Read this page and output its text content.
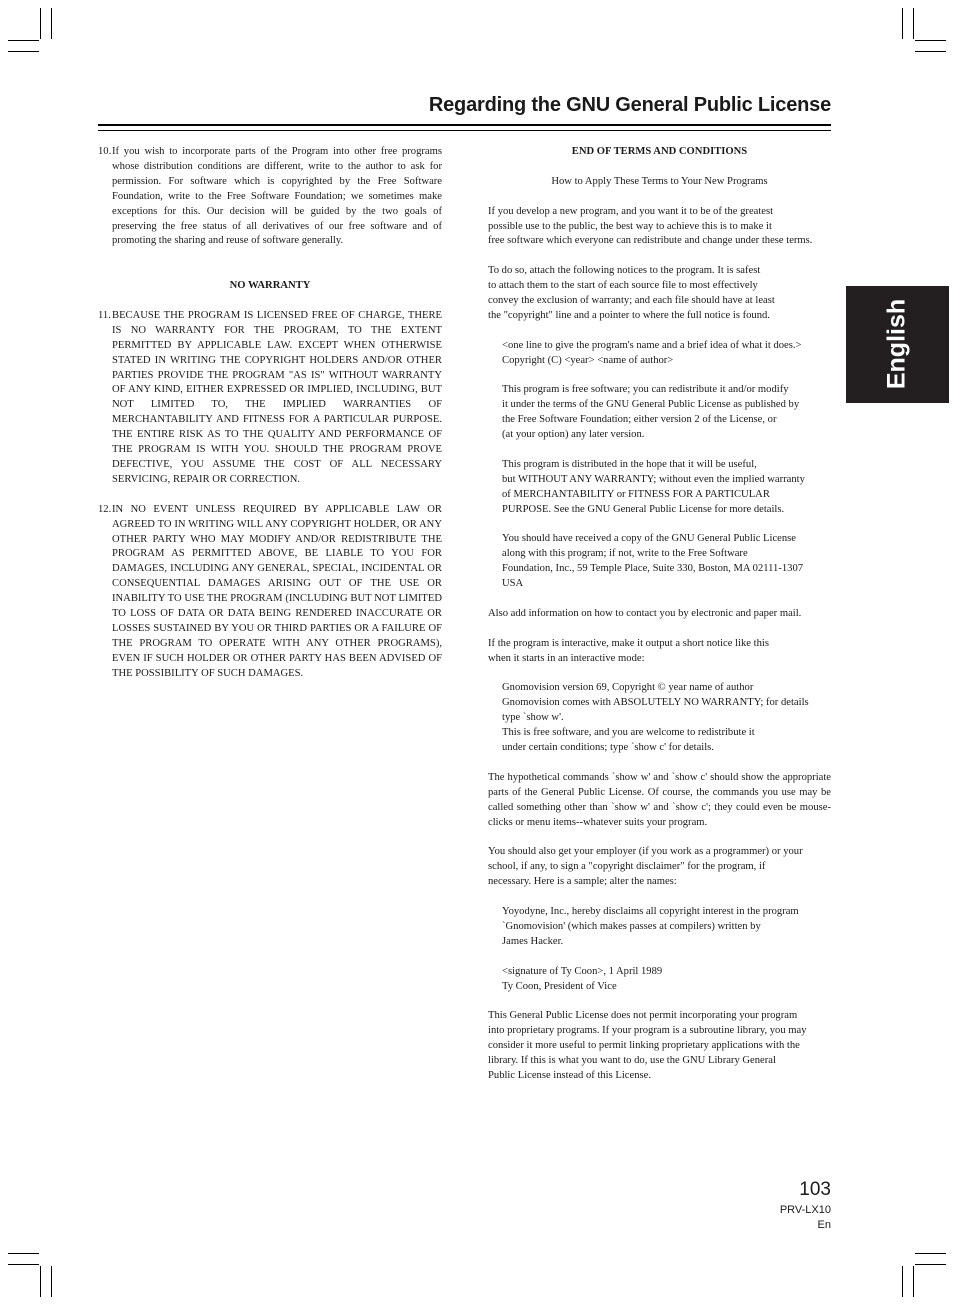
Regarding the GNU General Public License
English
10. If you wish to incorporate parts of the Program into other free programs whose distribution conditions are different, write to the author to ask for permission. For software which is copyrighted by the Free Software Foundation, write to the Free Software Foundation; we sometimes make exceptions for this. Our decision will be guided by the two goals of preserving the free status of all derivatives of our free software and of promoting the sharing and reuse of software generally.

NO WARRANTY

11. BECAUSE THE PROGRAM IS LICENSED FREE OF CHARGE, THERE IS NO WARRANTY FOR THE PROGRAM, TO THE EXTENT PERMITTED BY APPLICABLE LAW. EXCEPT WHEN OTHERWISE STATED IN WRITING THE COPYRIGHT HOLDERS AND/OR OTHER PARTIES PROVIDE THE PROGRAM "AS IS" WITHOUT WARRANTY OF ANY KIND, EITHER EXPRESSED OR IMPLIED, INCLUDING, BUT NOT LIMITED TO, THE IMPLIED WARRANTIES OF MERCHANTABILITY AND FITNESS FOR A PARTICULAR PURPOSE. THE ENTIRE RISK AS TO THE QUALITY AND PERFORMANCE OF THE PROGRAM IS WITH YOU. SHOULD THE PROGRAM PROVE DEFECTIVE, YOU ASSUME THE COST OF ALL NECESSARY SERVICING, REPAIR OR CORRECTION.
12. IN NO EVENT UNLESS REQUIRED BY APPLICABLE LAW OR AGREED TO IN WRITING WILL ANY COPYRIGHT HOLDER, OR ANY OTHER PARTY WHO MAY MODIFY AND/OR REDISTRIBUTE THE PROGRAM AS PERMITTED ABOVE, BE LIABLE TO YOU FOR DAMAGES, INCLUDING ANY GENERAL, SPECIAL, INCIDENTAL OR CONSEQUENTIAL DAMAGES ARISING OUT OF THE USE OR INABILITY TO USE THE PROGRAM (INCLUDING BUT NOT LIMITED TO LOSS OF DATA OR DATA BEING RENDERED INACCURATE OR LOSSES SUSTAINED BY YOU OR THIRD PARTIES OR A FAILURE OF THE PROGRAM TO OPERATE WITH ANY OTHER PROGRAMS), EVEN IF SUCH HOLDER OR OTHER PARTY HAS BEEN ADVISED OF THE POSSIBILITY OF SUCH DAMAGES.

END OF TERMS AND CONDITIONS

How to Apply These Terms to Your New Programs

If you develop a new program, and you want it to be of the greatest
possible use to the public, the best way to achieve this is to make it
free software which everyone can redistribute and change under these terms.

To do so, attach the following notices to the program. It is safest
to attach them to the start of each source file to most effectively
convey the exclusion of warranty; and each file should have at least
the "copyright" line and a pointer to where the full notice is found.

<one line to give the program's name and a brief idea of what it does.>
Copyright (C) <year> <name of author>

This program is free software; you can redistribute it and/or modify
it under the terms of the GNU General Public License as published by
the Free Software Foundation; either version 2 of the License, or
(at your option) any later version.

This program is distributed in the hope that it will be useful,
but WITHOUT ANY WARRANTY; without even the implied warranty
of MERCHANTABILITY or FITNESS FOR A PARTICULAR
PURPOSE. See the GNU General Public License for more details.

You should have received a copy of the GNU General Public License
along with this program; if not, write to the Free Software
Foundation, Inc., 59 Temple Place, Suite 330, Boston, MA 02111-1307
USA

Also add information on how to contact you by electronic and paper mail.

If the program is interactive, make it output a short notice like this
when it starts in an interactive mode:

Gnomovision version 69, Copyright © year name of author
Gnomovision comes with ABSOLUTELY NO WARRANTY; for details
type `show w'.
This is free software, and you are welcome to redistribute it
under certain conditions; type `show c' for details.

The hypothetical commands `show w' and `show c' should show the appropriate parts of the General Public License. Of course, the commands you use may be called something other than `show w' and `show c'; they could even be mouse-clicks or menu items--whatever suits your program.

You should also get your employer (if you work as a programmer) or your
school, if any, to sign a "copyright disclaimer" for the program, if
necessary. Here is a sample; alter the names:

Yoyodyne, Inc., hereby disclaims all copyright interest in the program
`Gnomovision' (which makes passes at compilers) written by
James Hacker.

<signature of Ty Coon>, 1 April 1989
Ty Coon, President of Vice

This General Public License does not permit incorporating your program
into proprietary programs. If your program is a subroutine library, you may
consider it more useful to permit linking proprietary applications with the
library. If this is what you want to do, use the GNU Library General
Public License instead of this License.

103
PRV-LX10
En
